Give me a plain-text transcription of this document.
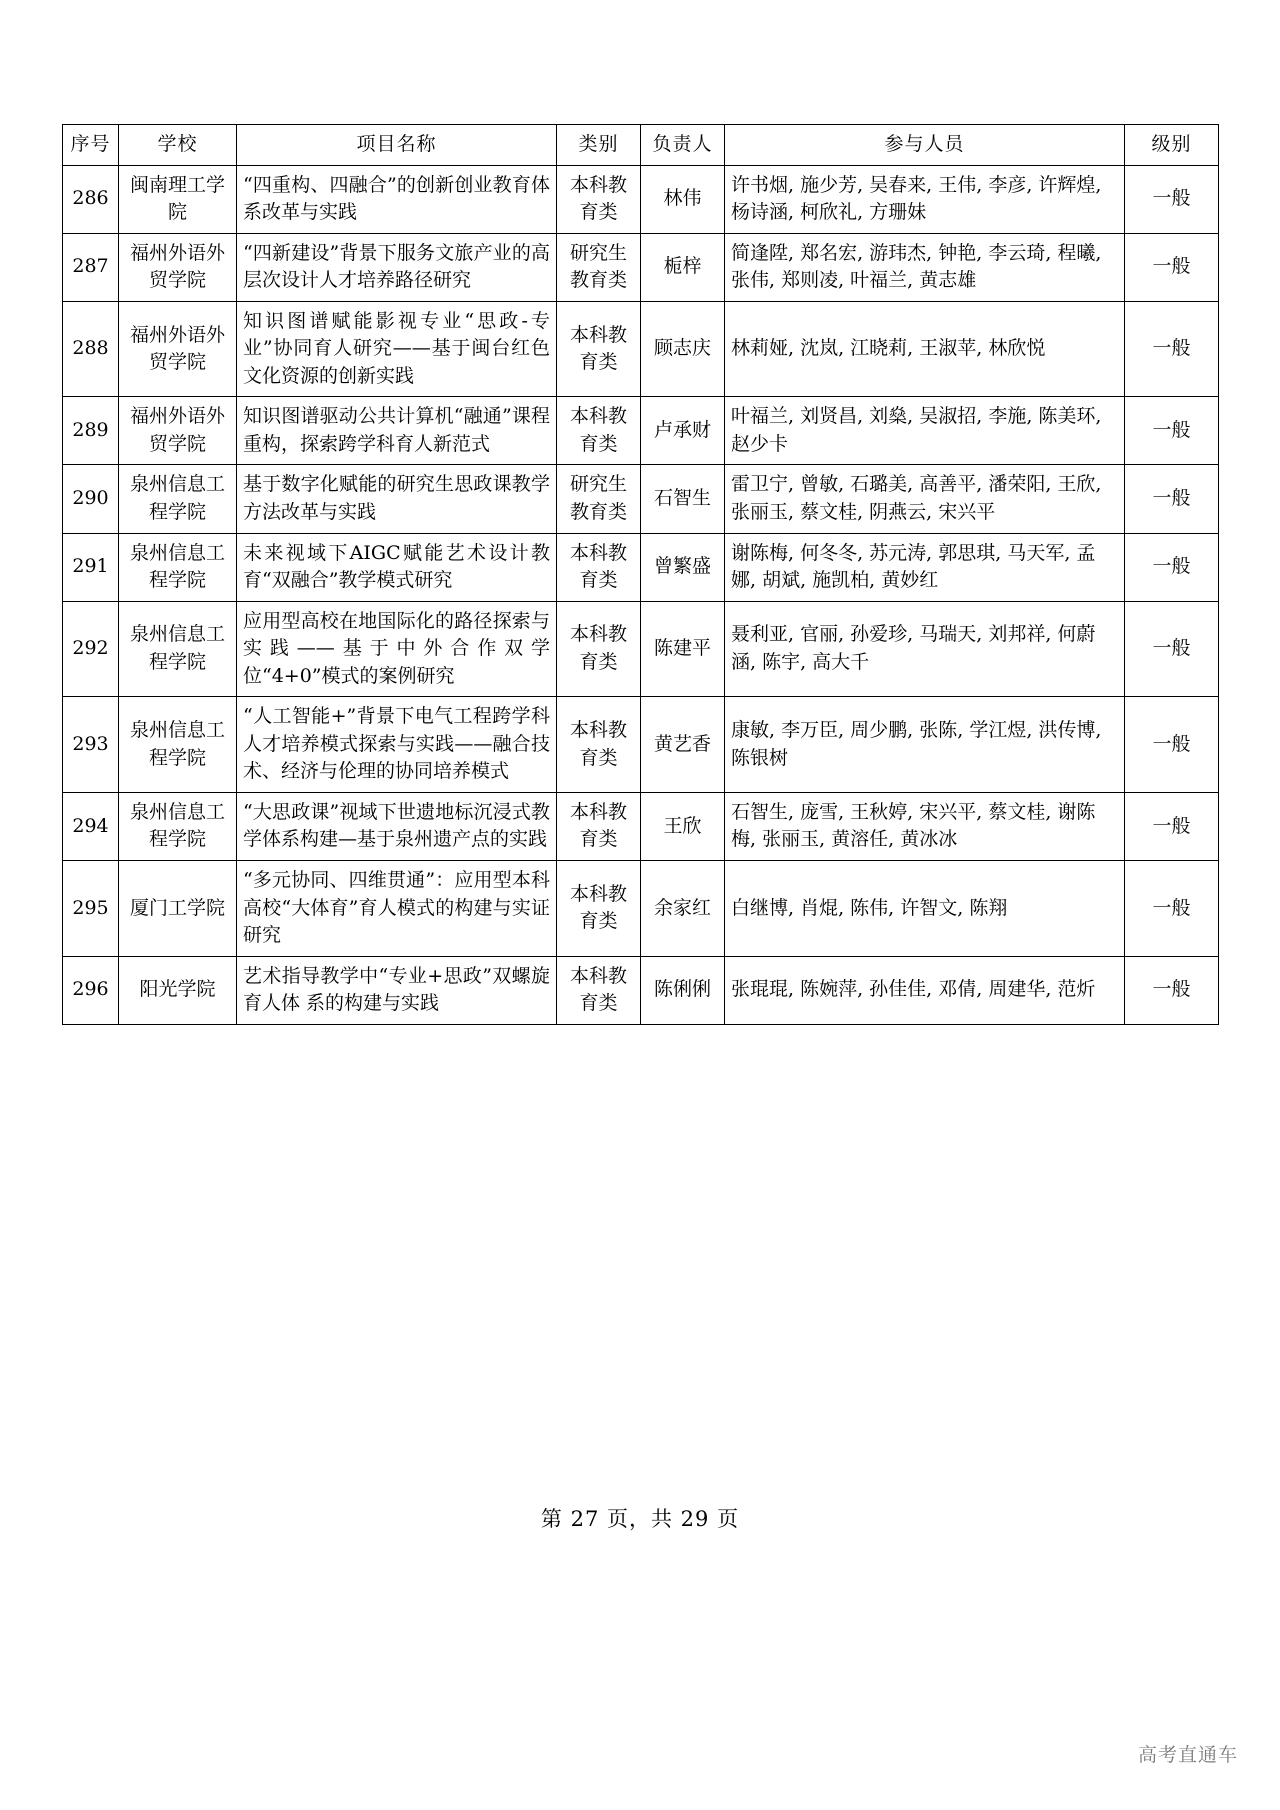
序号	学校	项目名称	类别	负责人	参与人员	级别
286	闽南理工学院	“四重构、四融合”的创新创业教育体系改革与实践	本科教育类	林伟	许书烟, 施少芳, 吴春来, 王伟, 李彦, 许辉煌, 杨诗涵, 柯欣礼, 方珊妹	一般
287	福州外语外贸学院	“四新建设”背景下服务文旅产业的高层次设计人才培养路径研究	研究生教育类	栀梓	简逢陞, 郑名宏, 游玮杰, 钟艳, 李云琦, 程曦, 张伟, 郑则凌, 叶福兰, 黄志雄	一般
288	福州外语外贸学院	知识图谱赋能影视专业“思政-专业”协同育人研究——基于闽台红色文化资源的创新实践	本科教育类	顾志庆	林莉娅, 沈岚, 江晓莉, 王淑苹, 林欣悦	一般
289	福州外语外贸学院	知识图谱驱动公共计算机“融通”课程重构，探索跨学科育人新范式	本科教育类	卢承财	叶福兰, 刘贤昌, 刘燊, 吴淑招, 李施, 陈美环, 赵少卡	一般
290	泉州信息工程学院	基于数字化赋能的研究生思政课教学方法改革与实践	研究生教育类	石智生	雷卫宁, 曾敏, 石璐美, 高善平, 潘荣阳, 王欣, 张丽玉, 蔡文桂, 阴燕云, 宋兴平	一般
291	泉州信息工程学院	未来视域下AIGC赋能艺术设计教育“双融合”教学模式研究	本科教育类	曾繁盛	谢陈梅, 何冬冬, 苏元涛, 郭思琪, 马天军, 孟娜, 胡斌, 施凯柏, 黄妙红	一般
292	泉州信息工程学院	应用型高校在地国际化的路径探索与实践——基于中外合作双学位“4+0”模式的案例研究	本科教育类	陈建平	聂利亚, 官丽, 孙爱珍, 马瑞天, 刘邦祥, 何蔚涵, 陈宇, 高大千	一般
293	泉州信息工程学院	“人工智能+”背景下电气工程跨学科人才培养模式探索与实践——融合技术、经济与伦理的协同培养模式	本科教育类	黄艺香	康敏, 李万臣, 周少鹏, 张陈, 学江煜, 洪传博, 陈银树	一般
294	泉州信息工程学院	“大思政课”视域下世遗地标沉浸式教学体系构建—基于泉州遗产点的实践	本科教育类	王欣	石智生, 庞雪, 王秋婷, 宋兴平, 蔡文桂, 谢陈梅, 张丽玉, 黄溶任, 黄冰冰	一般
295	厦门工学院	“多元协同、四维贯通”：应用型本科高校“大体育”育人模式的构建与实证研究	本科教育类	余家红	白继博, 肖焜, 陈伟, 许智文, 陈翔	一般
296	阳光学院	艺术指导教学中“专业+思政”双螺旋育人体 系的构建与实践	本科教育类	陈俐俐	张琨琨, 陈婉萍, 孙佳佳, 邓倩, 周建华, 范炘	一般
第 27 页，共 29 页
高考直通车
